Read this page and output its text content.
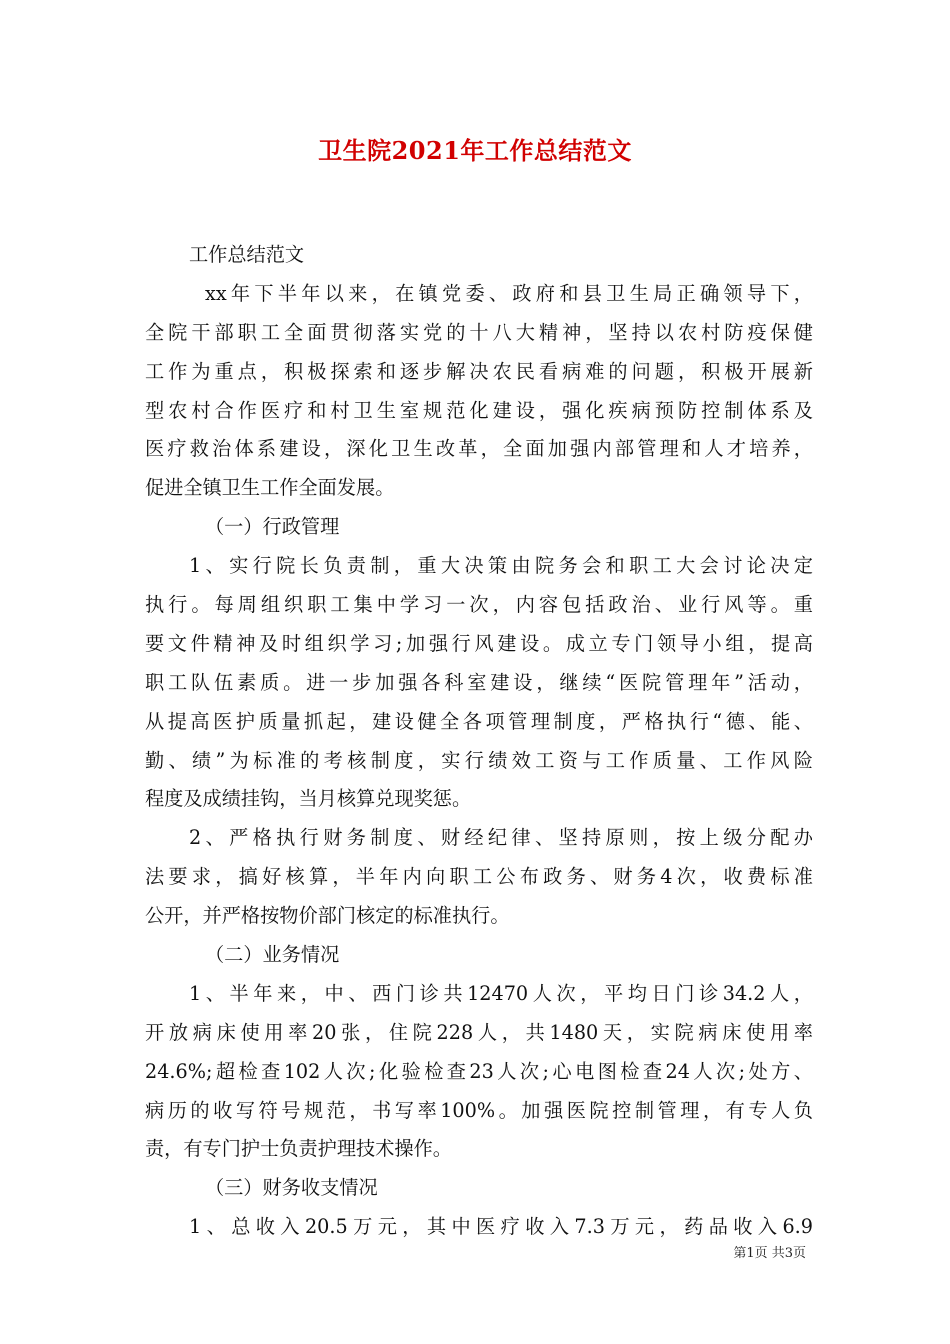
卫生院2021年工作总结范文
工作总结范文
xx年下半年以来，在镇党委、政府和县卫生局正确领导下，
全院干部职工全面贯彻落实党的十八大精神，坚持以农村防疫保健
工作为重点，积极探索和逐步解决农民看病难的问题，积极开展新
型农村合作医疗和村卫生室规范化建设，强化疾病预防控制体系及
医疗救治体系建设，深化卫生改革，全面加强内部管理和人才培养，
促进全镇卫生工作全面发展。
（一）行政管理
1、实行院长负责制，重大决策由院务会和职工大会讨论决定
执行。每周组织职工集中学习一次，内容包括政治、业行风等。重
要文件精神及时组织学习;加强行风建设。成立专门领导小组，提高
职工队伍素质。进一步加强各科室建设，继续“医院管理年”活动，
从提高医护质量抓起，建设健全各项管理制度，严格执行“德、能、
勤、绩”为标准的考核制度，实行绩效工资与工作质量、工作风险
程度及成绩挂钩，当月核算兑现奖惩。
2、严格执行财务制度、财经纪律、坚持原则，按上级分配办
法要求，搞好核算，半年内向职工公布政务、财务4次，收费标准
公开，并严格按物价部门核定的标准执行。
（二）业务情况
1、半年来，中、西门诊共12470人次，平均日门诊34.2人，
开放病床使用率20张，住院228人，共1480天，实院病床使用率
24.6%;超检查102人次;化验检查23人次;心电图检查24人次;处方、
病历的收写符号规范，书写率100%。加强医院控制管理，有专人负
责，有专门护士负责护理技术操作。
（三）财务收支情况
1、总收入20.5万元，其中医疗收入7.3万元，药品收入6.9
第1页 共3页
